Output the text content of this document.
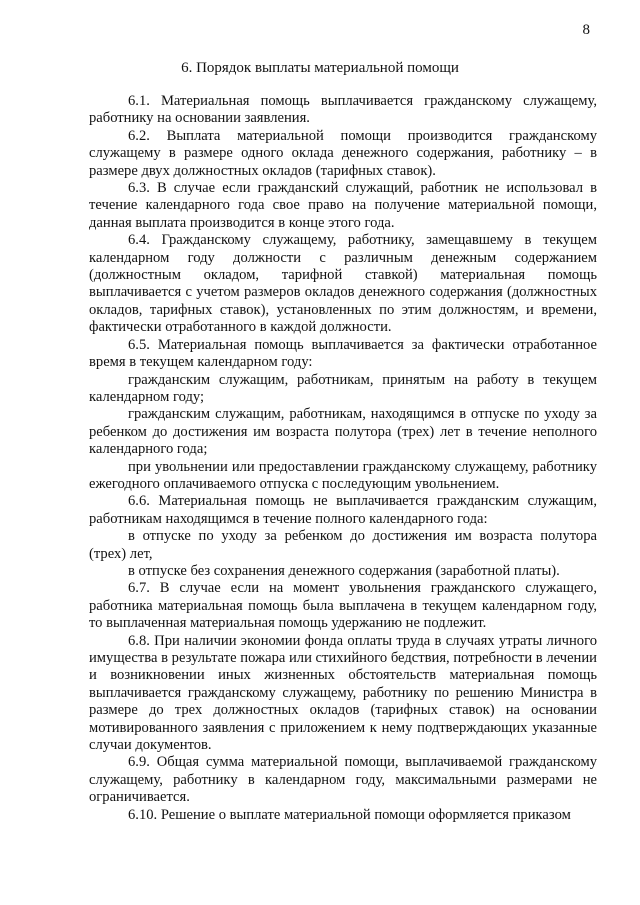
8
6. Порядок выплаты материальной помощи

6.1. Материальная помощь выплачивается гражданскому служащему, работнику на основании заявления.

6.2. Выплата материальной помощи производится гражданскому служащему в размере одного оклада денежного содержания, работнику – в размере двух должностных окладов (тарифных ставок).

6.3. В случае если гражданский служащий, работник не использовал в течение календарного года свое право на получение материальной помощи, данная выплата производится в конце этого года.

6.4. Гражданскому служащему, работнику, замещавшему в текущем календарном году должности с различным денежным содержанием (должностным окладом, тарифной ставкой) материальная помощь выплачивается с учетом размеров окладов денежного содержания (должностных окладов, тарифных ставок), установленных по этим должностям, и времени, фактически отработанного в каждой должности.

6.5. Материальная помощь выплачивается за фактически отработанное время в текущем календарном году:

гражданским служащим, работникам, принятым на работу в текущем календарном году;

гражданским служащим, работникам, находящимся в отпуске по уходу за ребенком до достижения им возраста полутора (трех) лет в течение неполного календарного года;

при увольнении или предоставлении гражданскому служащему, работнику ежегодного оплачиваемого отпуска с последующим увольнением.

6.6. Материальная помощь не выплачивается гражданским служащим, работникам находящимся в течение полного календарного года:

в отпуске по уходу за ребенком до достижения им возраста полутора (трех) лет,

в отпуске без сохранения денежного содержания (заработной платы).

6.7. В случае если на момент увольнения гражданского служащего, работника материальная помощь была выплачена в текущем календарном году, то выплаченная материальная помощь удержанию не подлежит.

6.8. При наличии экономии фонда оплаты труда в случаях утраты личного имущества в результате пожара или стихийного бедствия, потребности в лечении и возникновении иных жизненных обстоятельств материальная помощь выплачивается гражданскому служащему, работнику по решению Министра в размере до трех должностных окладов (тарифных ставок) на основании мотивированного заявления с приложением к нему подтверждающих указанные случаи документов.

6.9. Общая сумма материальной помощи, выплачиваемой гражданскому служащему, работнику в календарном году, максимальными размерами не ограничивается.

6.10. Решение о выплате материальной помощи оформляется приказом
